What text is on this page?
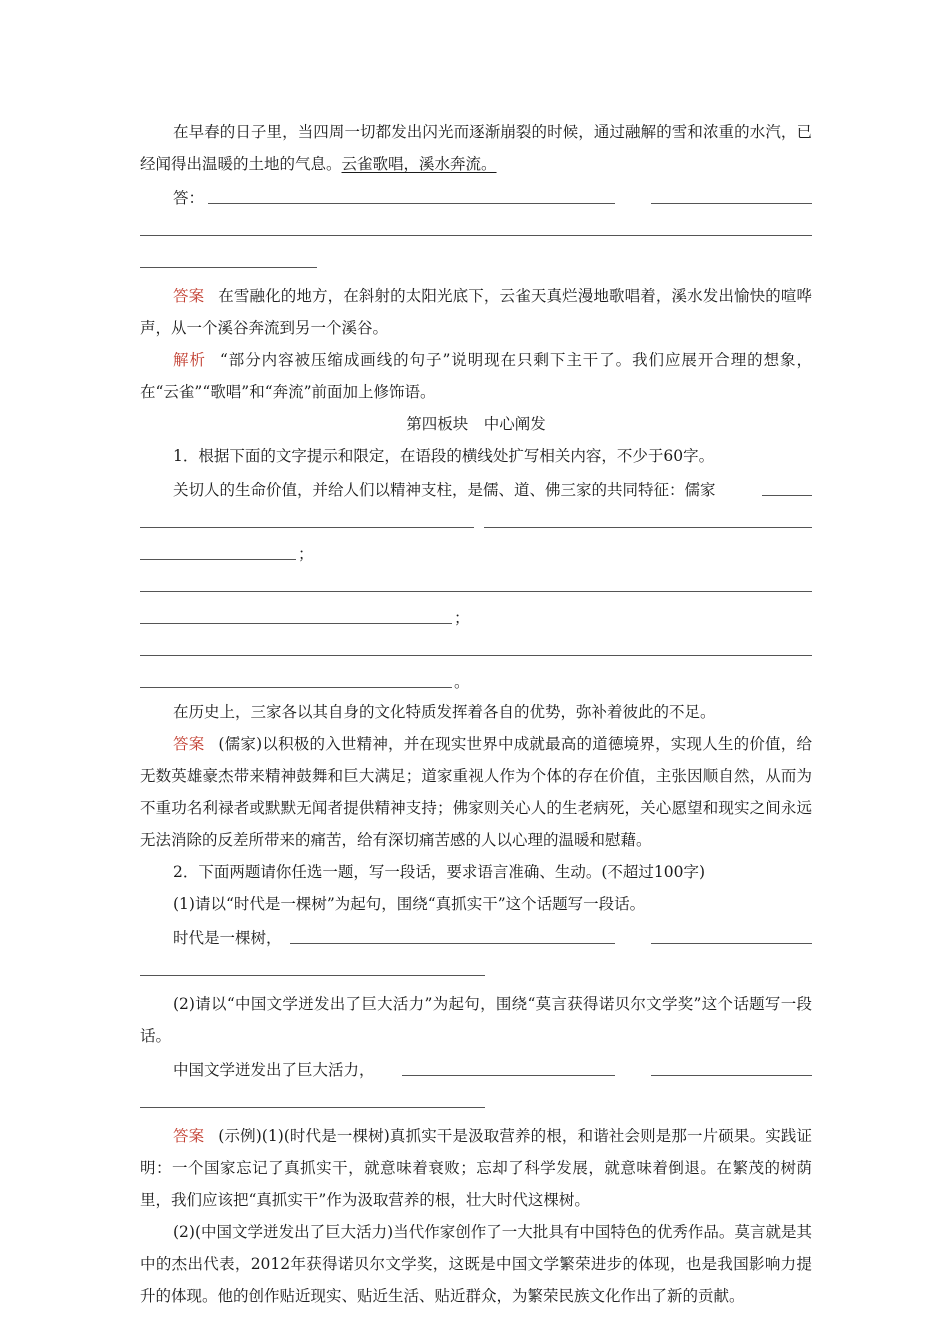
在早春的日子里，当四周一切都发出闪光而逐渐崩裂的时候，通过融解的雪和浓重的水汽，已经闻得出温暖的土地的气息。云雀歌唱，溪水奔流。

答：

答案 在雪融化的地方，在斜射的太阳光底下，云雀天真烂漫地歌唱着，溪水发出愉快的喧哗声，从一个溪谷奔流到另一个溪谷。

解析 “部分内容被压缩成画线的句子”说明现在只剩下主干了。我们应展开合理的想象，在“云雀”“歌唱”和“奔流”前面加上修饰语。

第四板块　中心阐发

1．根据下面的文字提示和限定，在语段的横线处扩写相关内容，不少于60字。

关切人的生命价值，并给人们以精神支柱，是儒、道、佛三家的共同特征：儒家
；
；
。

在历史上，三家各以其自身的文化特质发挥着各自的优势，弥补着彼此的不足。

答案 (儒家)以积极的入世精神，并在现实世界中成就最高的道德境界，实现人生的价值，给无数英雄豪杰带来精神鼓舞和巨大满足；道家重视人作为个体的存在价值，主张因顺自然，从而为不重功名利禄者或默默无闻者提供精神支持；佛家则关心人的生老病死，关心愿望和现实之间永远无法消除的反差所带来的痛苦，给有深切痛苦感的人以心理的温暖和慰藉。

2．下面两题请你任选一题，写一段话，要求语言准确、生动。(不超过100字)

(1)请以“时代是一棵树”为起句，围绕“真抓实干”这个话题写一段话。

时代是一棵树，

(2)请以“中国文学迸发出了巨大活力”为起句，围绕“莫言获得诺贝尔文学奖”这个话题写一段话。

中国文学迸发出了巨大活力，

答案 (示例)(1)(时代是一棵树)真抓实干是汲取营养的根，和谐社会则是那一片硕果。实践证明：一个国家忘记了真抓实干，就意味着衰败；忘却了科学发展，就意味着倒退。在繁茂的树荫里，我们应该把“真抓实干”作为汲取营养的根，壮大时代这棵树。

(2)(中国文学迸发出了巨大活力)当代作家创作了一大批具有中国特色的优秀作品。莫言就是其中的杰出代表，2012年获得诺贝尔文学奖，这既是中国文学繁荣进步的体现，也是我国影响力提升的体现。他的创作贴近现实、贴近生活、贴近群众，为繁荣民族文化作出了新的贡献。
